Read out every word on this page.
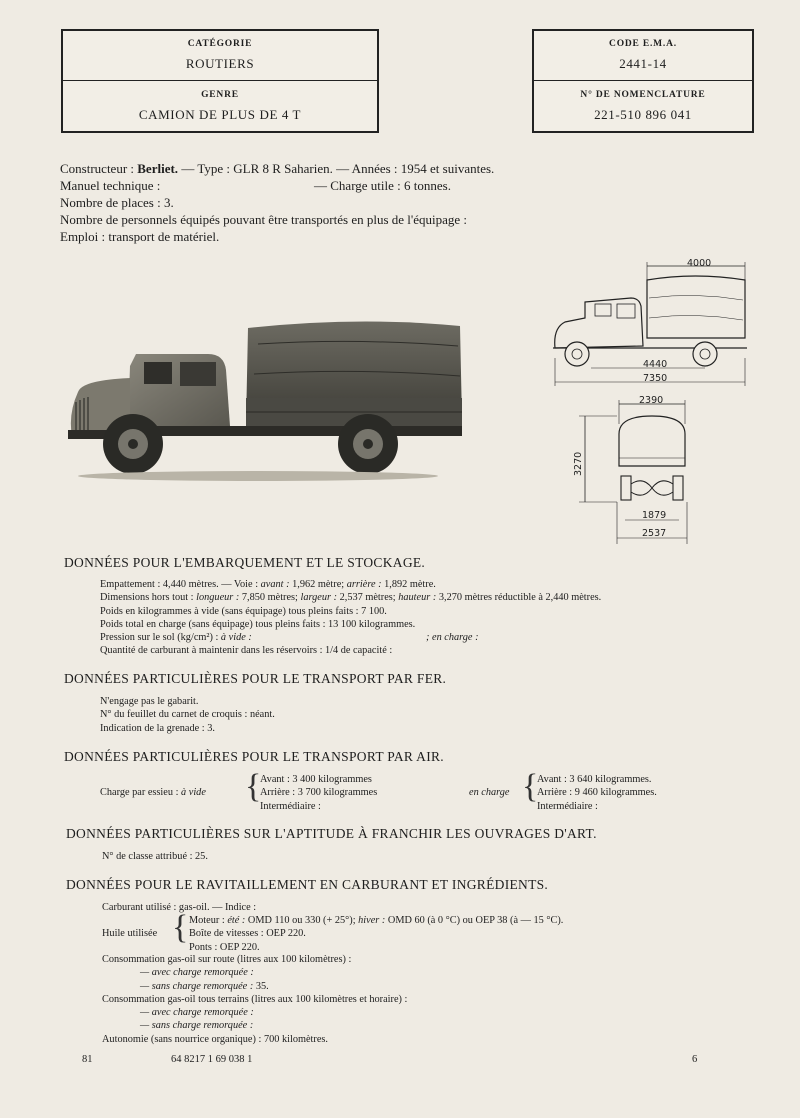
CATÉGORIE
ROUTIERS
GENRE
CAMION DE PLUS DE 4 T
CODE E.M.A.
2441-14
N° DE NOMENCLATURE
221-510 896 041
Constructeur : Berliet. — Type : GLR 8 R Saharien. — Années : 1954 et suivantes.
Manuel technique :	— Charge utile : 6 tonnes.
Nombre de places : 3.
Nombre de personnels équipés pouvant être transportés en plus de l'équipage :
Emploi : transport de matériel.
4000
4440
7350
2390
1879
2537
3270
DONNÉES POUR L'EMBARQUEMENT ET LE STOCKAGE.
Empattement : 4,440 mètres. — Voie : avant : 1,962 mètre; arrière : 1,892 mètre.
Dimensions hors tout : longueur : 7,850 mètres; largeur : 2,537 mètres; hauteur : 3,270 mètres réductible à 2,440 mètres.
Poids en kilogrammes à vide (sans équipage) tous pleins faits : 7 100.
Poids total en charge (sans équipage) tous pleins faits : 13 100 kilogrammes.
Pression sur le sol (kg/cm²) : à vide :	; en charge :
Quantité de carburant à maintenir dans les réservoirs : 1/4 de capacité :
DONNÉES PARTICULIÈRES POUR LE TRANSPORT PAR FER.
N'engage pas le gabarit.
N° du feuillet du carnet de croquis : néant.
Indication de la grenade : 3.
DONNÉES PARTICULIÈRES POUR LE TRANSPORT PAR AIR.
Charge par essieu : à vide {
Avant : 3 400 kilogrammes
Arrière : 3 700 kilogrammes
Intermédiaire :
en charge {
Avant : 3 640 kilogrammes.
Arrière : 9 460 kilogrammes.
Intermédiaire :
DONNÉES PARTICULIÈRES SUR L'APTITUDE À FRANCHIR LES OUVRAGES D'ART.
N° de classe attribué : 25.
DONNÉES POUR LE RAVITAILLEMENT EN CARBURANT ET INGRÉDIENTS.
Carburant utilisé : gas-oil. — Indice :
Huile utilisée { Moteur : été : OMD 110 ou 330 (+ 25°); hiver : OMD 60 (à 0 °C) ou OEP 38 (à — 15 °C).
Boîte de vitesses : OEP 220.
Ponts : OEP 220.
Consommation gas-oil sur route (litres aux 100 kilomètres) :
— avec charge remorquée :
— sans charge remorquée : 35.
Consommation gas-oil tous terrains (litres aux 100 kilomètres et horaire) :
— avec charge remorquée :
— sans charge remorquée :
Autonomie (sans nourrice organique) : 700 kilomètres.
81	64 8217 1 69 038 1	6
